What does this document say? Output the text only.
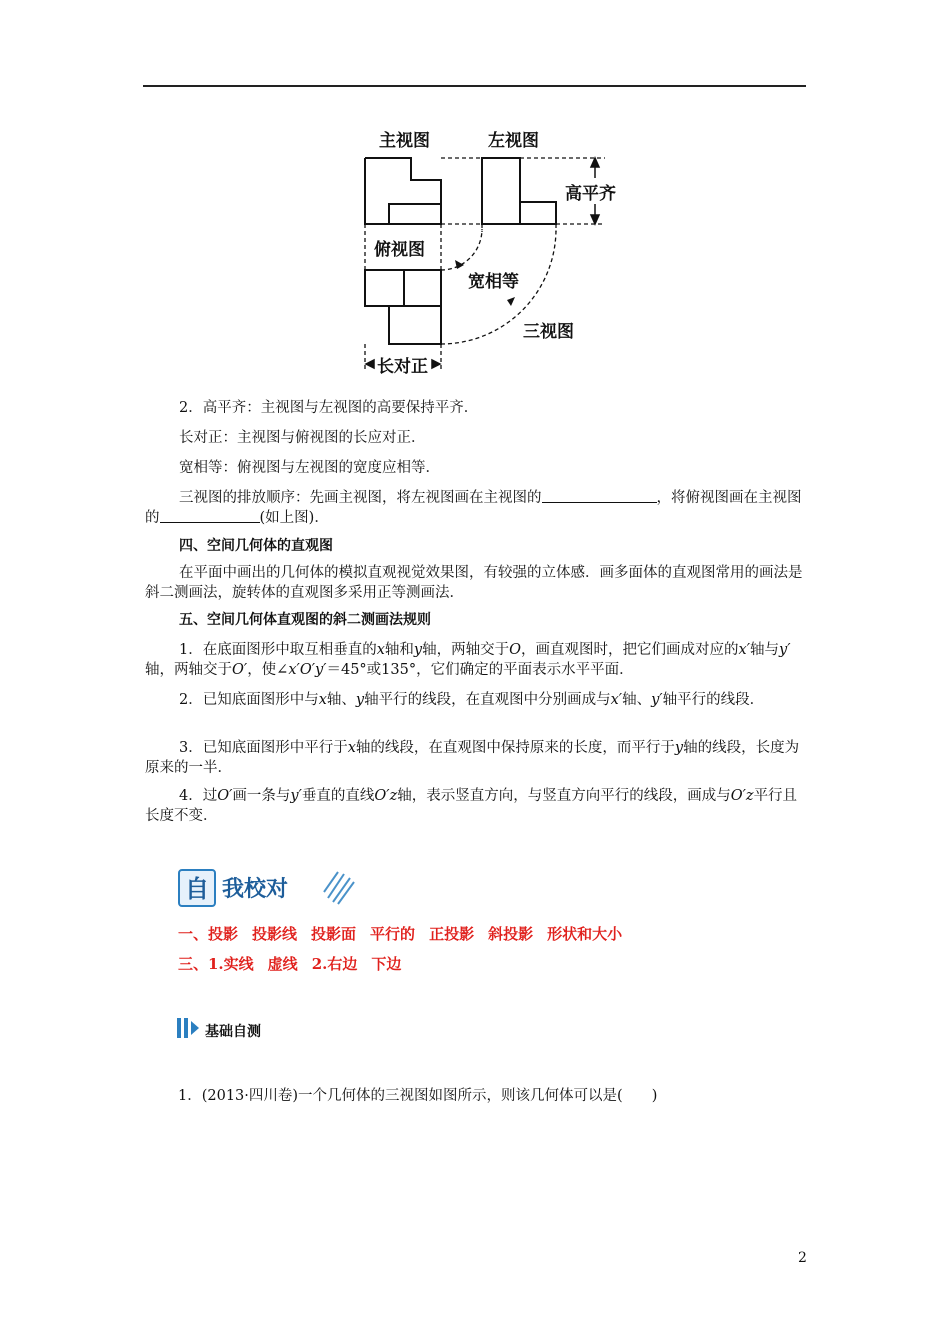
主视图	左视图
高平齐
俯视图
宽相等
三视图
长对正
2．高平齐：主视图与左视图的高要保持平齐．
长对正：主视图与俯视图的长应对正．
宽相等：俯视图与左视图的宽度应相等．
三视图的排放顺序：先画主视图，将左视图画在主视图的	，将俯视图画在主视图的	(如上图)．
四、空间几何体的直观图
在平面中画出的几何体的模拟直观视觉效果图，有较强的立体感．画多面体的直观图常用的画法是斜二测画法，旋转体的直观图多采用正等测画法．
五、空间几何体直观图的斜二测画法规则
1．在底面图形中取互相垂直的x轴和y轴，两轴交于O，画直观图时，把它们画成对应的x′轴与y′轴，两轴交于O′，使∠x′O′y′＝45°或135°，它们确定的平面表示水平平面．
2．已知底面图形中与x轴、y轴平行的线段，在直观图中分别画成与x′轴、y′轴平行的线段．
3．已知底面图形中平行于x轴的线段，在直观图中保持原来的长度，而平行于y轴的线段，长度为原来的一半．
4．过O′画一条与y′垂直的直线O′z轴，表示竖直方向，与竖直方向平行的线段，画成与O′z平行且长度不变．
自 我校对
一、投影 投影线 投影面 平行的 正投影 斜投影 形状和大小
三、1.实线 虚线 2.右边 下边
基础自测
1．(2013·四川卷)一个几何体的三视图如图所示，则该几何体可以是(　　)
2
